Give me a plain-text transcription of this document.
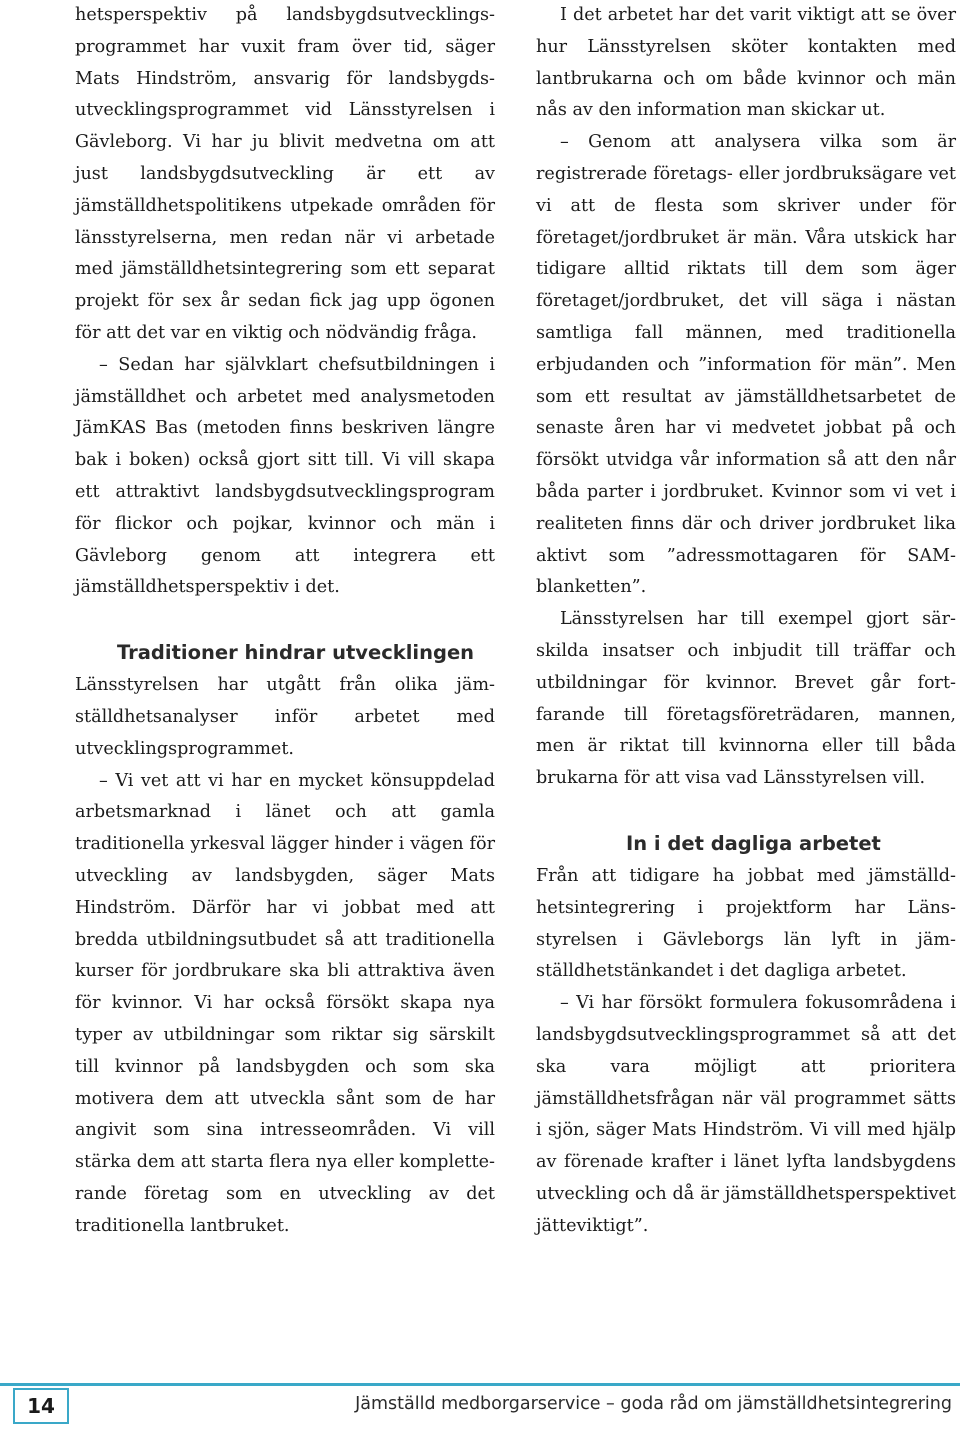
hetsperspektiv på landsbygdsutvecklingsprogrammet har vuxit fram över tid, säger Mats Hindström, ansvarig för landsbygdsutvecklingsprogrammet vid Länsstyrelsen i Gävleborg. Vi har ju blivit medvetna om att just landsbygdsutveckling är ett av jämställdhetspolitikens utpekade områden för länsstyrelserna, men redan när vi arbetade med jämställdhetsintegrering som ett separat projekt för sex år sedan fick jag upp ögonen för att det var en viktig och nödvändig fråga.

– Sedan har självklart chefsutbildningen i jämställdhet och arbetet med analysmetoden JämKAS Bas (metoden finns beskriven längre bak i boken) också gjort sitt till. Vi vill skapa ett attraktivt landsbygdsutvecklingsprogram för flickor och pojkar, kvinnor och män i Gävleborg genom att integrera ett jämställdhetsperspektiv i det.

Traditioner hindrar utvecklingen

Länsstyrelsen har utgått från olika jämställdhetsanalyser inför arbetet med utvecklingsprogrammet.

– Vi vet att vi har en mycket könsuppdelad arbetsmarknad i länet och att gamla traditionella yrkesval lägger hinder i vägen för utveckling av landsbygden, säger Mats Hindström. Därför har vi jobbat med att bredda utbildningsutbudet så att traditionella kurser för jordbrukare ska bli attraktiva även för kvinnor. Vi har också försökt skapa nya typer av utbildningar som riktar sig särskilt till kvinnor på landsbygden och som ska motivera dem att utveckla sånt som de har angivit som sina intresseområden. Vi vill stärka dem att starta flera nya eller kompletterande företag som en utveckling av det traditionella lantbruket.

I det arbetet har det varit viktigt att se över hur Länsstyrelsen sköter kontakten med lantbrukarna och om både kvinnor och män nås av den information man skickar ut.

– Genom att analysera vilka som är registrerade företags- eller jordbruksägare vet vi att de flesta som skriver under för företaget/jordbruket är män. Våra utskick har tidigare alltid riktats till dem som äger företaget/jordbruket, det vill säga i nästan samtliga fall männen, med traditionella erbjudanden och ”information för män”. Men som ett resultat av jämställdhetsarbetet de senaste åren har vi medvetet jobbat på och försökt utvidga vår information så att den når båda parter i jordbruket. Kvinnor som vi vet i realiteten finns där och driver jordbruket lika aktivt som ”adressmottagaren för SAM-blanketten”.

Länsstyrelsen har till exempel gjort särskilda insatser och inbjudit till träffar och utbildningar för kvinnor. Brevet går fortfarande till företagsföreträdaren, mannen, men är riktat till kvinnorna eller till båda brukarna för att visa vad Länsstyrelsen vill.

In i det dagliga arbetet

Från att tidigare ha jobbat med jämställdhetsintegrering i projektform har Länsstyrelsen i Gävleborgs län lyft in jämställdhetstänkandet i det dagliga arbetet.

– Vi har försökt formulera fokusområdena i landsbygdsutvecklingsprogrammet så att det ska vara möjligt att prioritera jämställdhetsfrågan när väl programmet sätts i sjön, säger Mats Hindström. Vi vill med hjälp av förenade krafter i länet lyfta landsbygdens utveckling och då är jämställdhetsperspektivet jätteviktigt”.

14	Jämställd medborgarservice – goda råd om jämställdhetsintegrering
